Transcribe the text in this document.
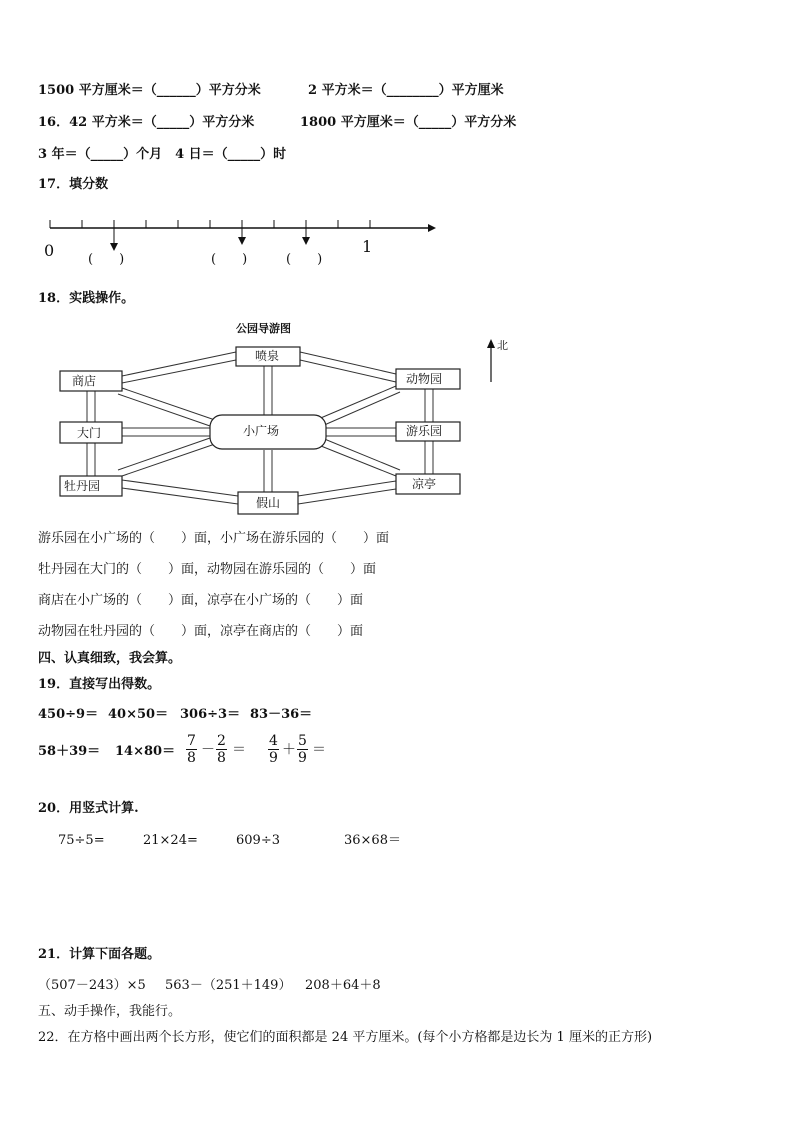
1500 平方厘米＝（______）平方分米	2 平方米＝（________）平方厘米
16．42 平方米＝（_____）平方分米	1800 平方厘米＝（_____）平方分米
3 年＝（_____）个月　4 日＝（_____）时
17．填分数
0	1
(　　)	(　　)	(　　)
18．实践操作。
公园导游图
喷泉
商店	动物园
大门	小广场	游乐园
牡丹园
假山
凉亭
北
游乐园在小广场的（　　）面，小广场在游乐园的（　　）面
牡丹园在大门的（　　）面，动物园在游乐园的（　　）面
商店在小广场的（　　）面，凉亭在小广场的（　　）面
动物园在牡丹园的（　　）面，凉亭在商店的（　　）面
四、认真细致，我会算。
19．直接写出得数。
450÷9＝ 40×50＝ 306÷3＝ 83－36＝
$58+39= 14\times 80= \frac{7}{8} - \frac{2}{8} = \frac{4}{9} + \frac{5}{9}$ ＝
20．用竖式计算.
75÷5=	21×24=	609÷3	36×68＝
21．计算下面各题。
（507－243）×5 563－（251＋149） 208＋64＋8
五、动手操作，我能行。
22．在方格中画出两个长方形，使它们的面积都是 24 平方厘米。(每个小方格都是边长为 1 厘米的正方形)
